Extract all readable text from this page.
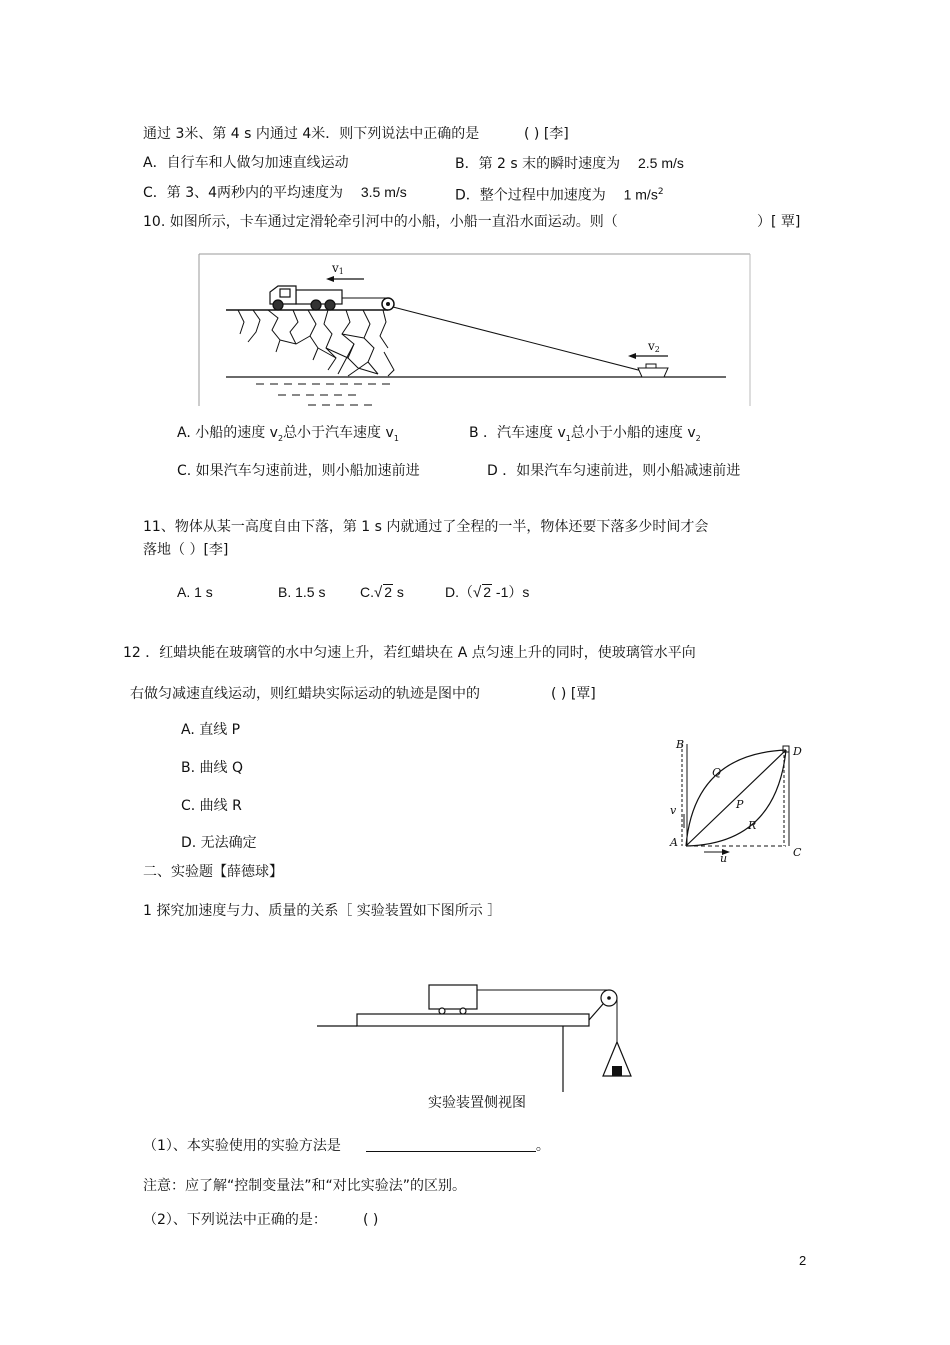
通过 3米、第 4 s 内通过 4米．则下列说法中正确的是	( ) [李]
A．自行车和人做匀加速直线运动	B．第 2 s 末的瞬时速度为 2.5 m/s
C．第 3、4两秒内的平均速度为 3.5 m/s	D．整个过程中加速度为 1 $m/s^2$
10. 如图所示，卡车通过定滑轮牵引河中的小船，小船一直沿水面运动。则（	）[ 覃]
v1
v2
A. 小船的速度 $v_2$总小于汽车速度 $v_1$	B ．汽车速度 $v_1$总小于小船的速度 $v_2$
C. 如果汽车匀速前进，则小船加速前进	D ．如果汽车匀速前进，则小船减速前进
11、物体从某一高度自由下落，第 1 s 内就通过了全程的一半，物体还要下落多少时间才会
落地（ ）[李]
A. 1 s	B. 1.5 s C.√ 2 s	D.（√ 2 -1）s
12 ．红蜡块能在玻璃管的水中匀速上升，若红蜡块在 A 点匀速上升的同时，使玻璃管水平向
右做匀减速直线运动，则红蜡块实际运动的轨迹是图中的	( ) [覃]
A. 直线 P
B. 曲线 Q
C. 曲线 R
D. 无法确定
B
D
Q
P
R
v
A
u	C
二、实验题【薛德球】
1 探究加速度与力、质量的关系［ 实验装置如下图所示 ］
实验装置侧视图
（1）、本实验使用的实验方法是	。
注意：应了解“控制变量法”和“对比实验法”的区别。
（2）、下列说法中正确的是：	( )
2
